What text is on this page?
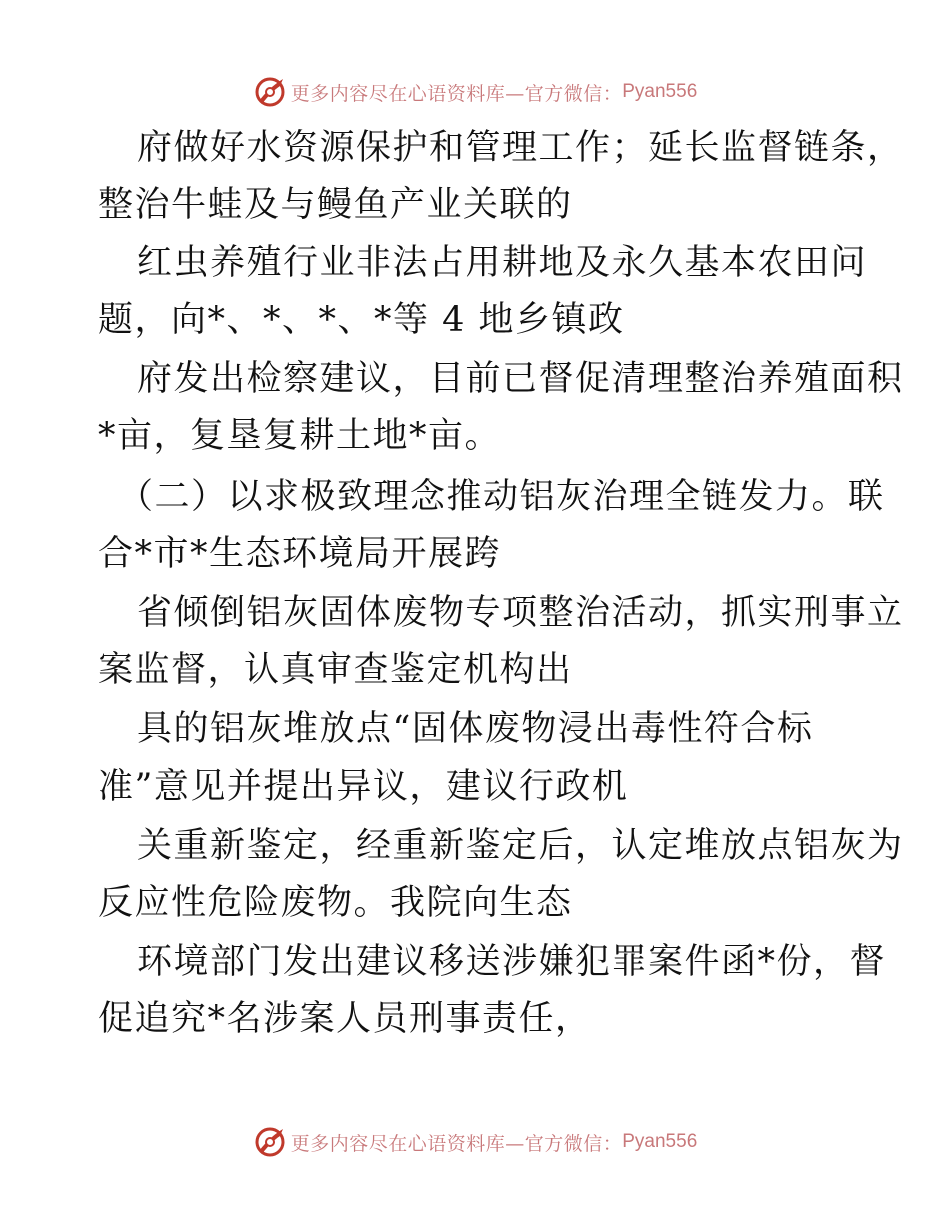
更多内容尽在心语资料库—官方微信： Pyan556
府做好水资源保护和管理工作；延长监督链条，
整治牛蛙及与鳗鱼产业关联的
红虫养殖行业非法占用耕地及永久基本农田问
题，向*、*、*、*等 4 地乡镇政
府发出检察建议，目前已督促清理整治养殖面积
*亩，复垦复耕土地*亩。
（二）以求极致理念推动铝灰治理全链发力。联
合*市*生态环境局开展跨
省倾倒铝灰固体废物专项整治活动，抓实刑事立
案监督，认真审查鉴定机构出
具的铝灰堆放点“固体废物浸出毒性符合标
准”意见并提出异议，建议行政机
关重新鉴定，经重新鉴定后，认定堆放点铝灰为
反应性危险废物。我院向生态
环境部门发出建议移送涉嫌犯罪案件函*份，督
促追究*名涉案人员刑事责任，
更多内容尽在心语资料库—官方微信： Pyan556
